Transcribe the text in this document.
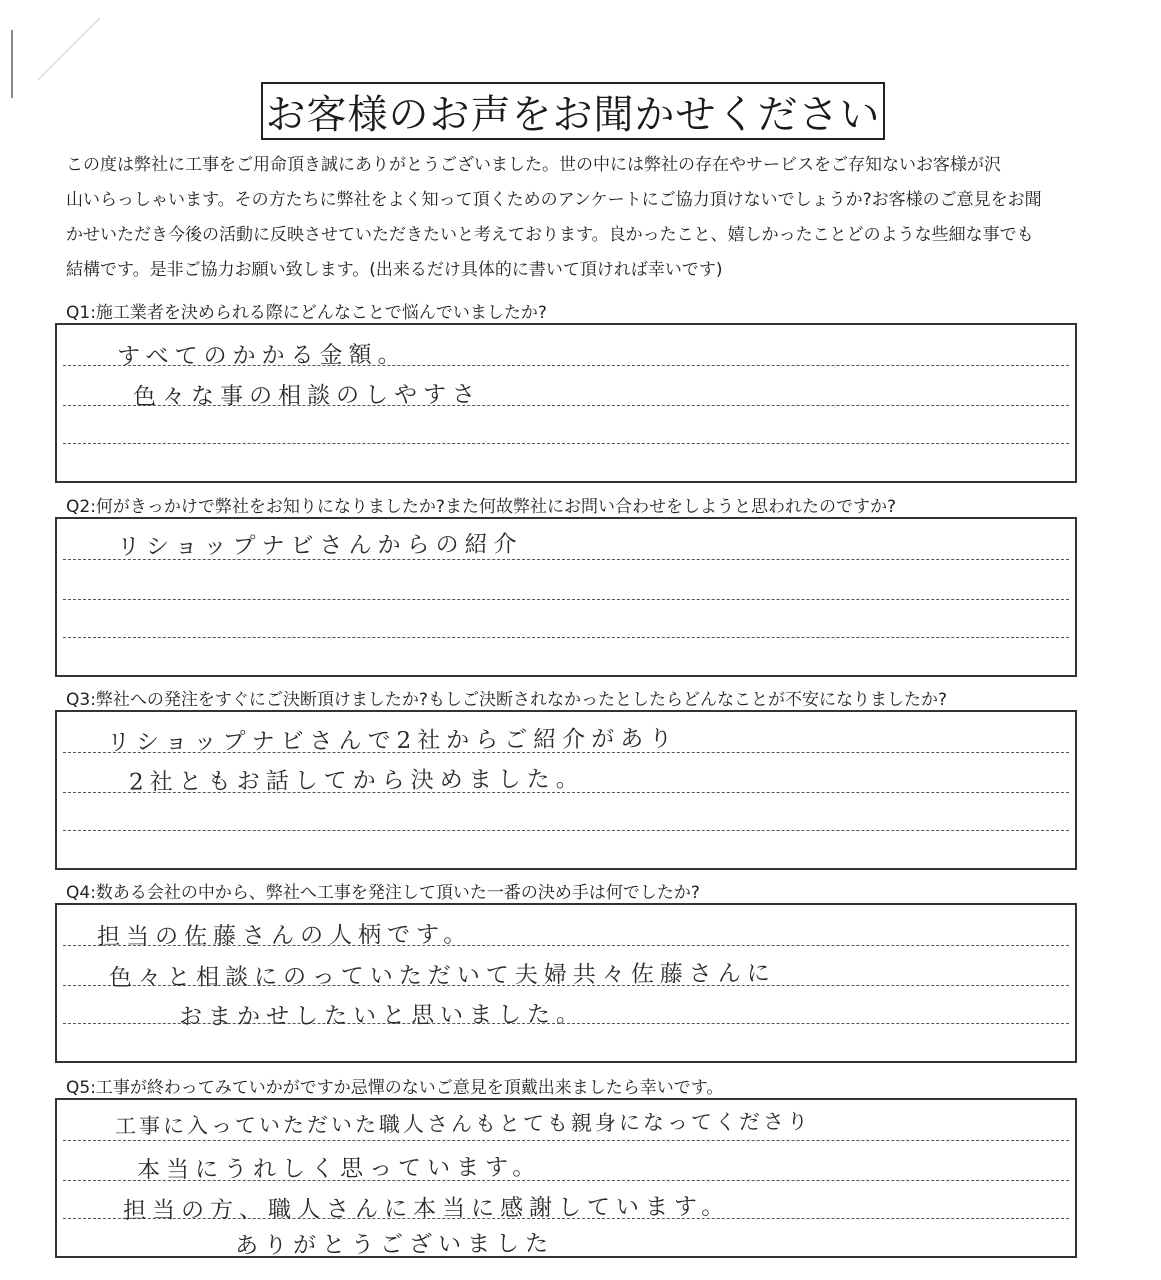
お客様のお声をお聞かせください

この度は弊社に工事をご用命頂き誠にありがとうございました。世の中には弊社の存在やサービスをご存知ないお客様が沢

山いらっしゃいます。その方たちに弊社をよく知って頂くためのアンケートにご協力頂けないでしょうか?お客様のご意見をお聞

かせいただき今後の活動に反映させていただきたいと考えております。良かったこと、嬉しかったことどのような些細な事でも

結構です。是非ご協力お願い致します。(出来るだけ具体的に書いて頂ければ幸いです)

Q1:施工業者を決められる際にどんなことで悩んでいましたか?
すべてのかかる金額。
色々な事の相談のしやすさ
Q2:何がきっかけで弊社をお知りになりましたか?また何故弊社にお問い合わせをしようと思われたのですか?
リショップナビさんからの紹介
Q3:弊社への発注をすぐにご決断頂けましたか?もしご決断されなかったとしたらどんなことが不安になりましたか?
リショップナビさんで2社からご紹介があり
2社ともお話してから決めました。
Q4:数ある会社の中から、弊社へ工事を発注して頂いた一番の決め手は何でしたか?
担当の佐藤さんの人柄です。
色々と相談にのっていただいて夫婦共々佐藤さんに
おまかせしたいと思いました。
Q5:工事が終わってみていかがですか忌憚のないご意見を頂戴出来ましたら幸いです。
工事に入っていただいた職人さんもとても親身になってくださり
本当にうれしく思っています。
担当の方、職人さんに本当に感謝しています。
ありがとうございました
